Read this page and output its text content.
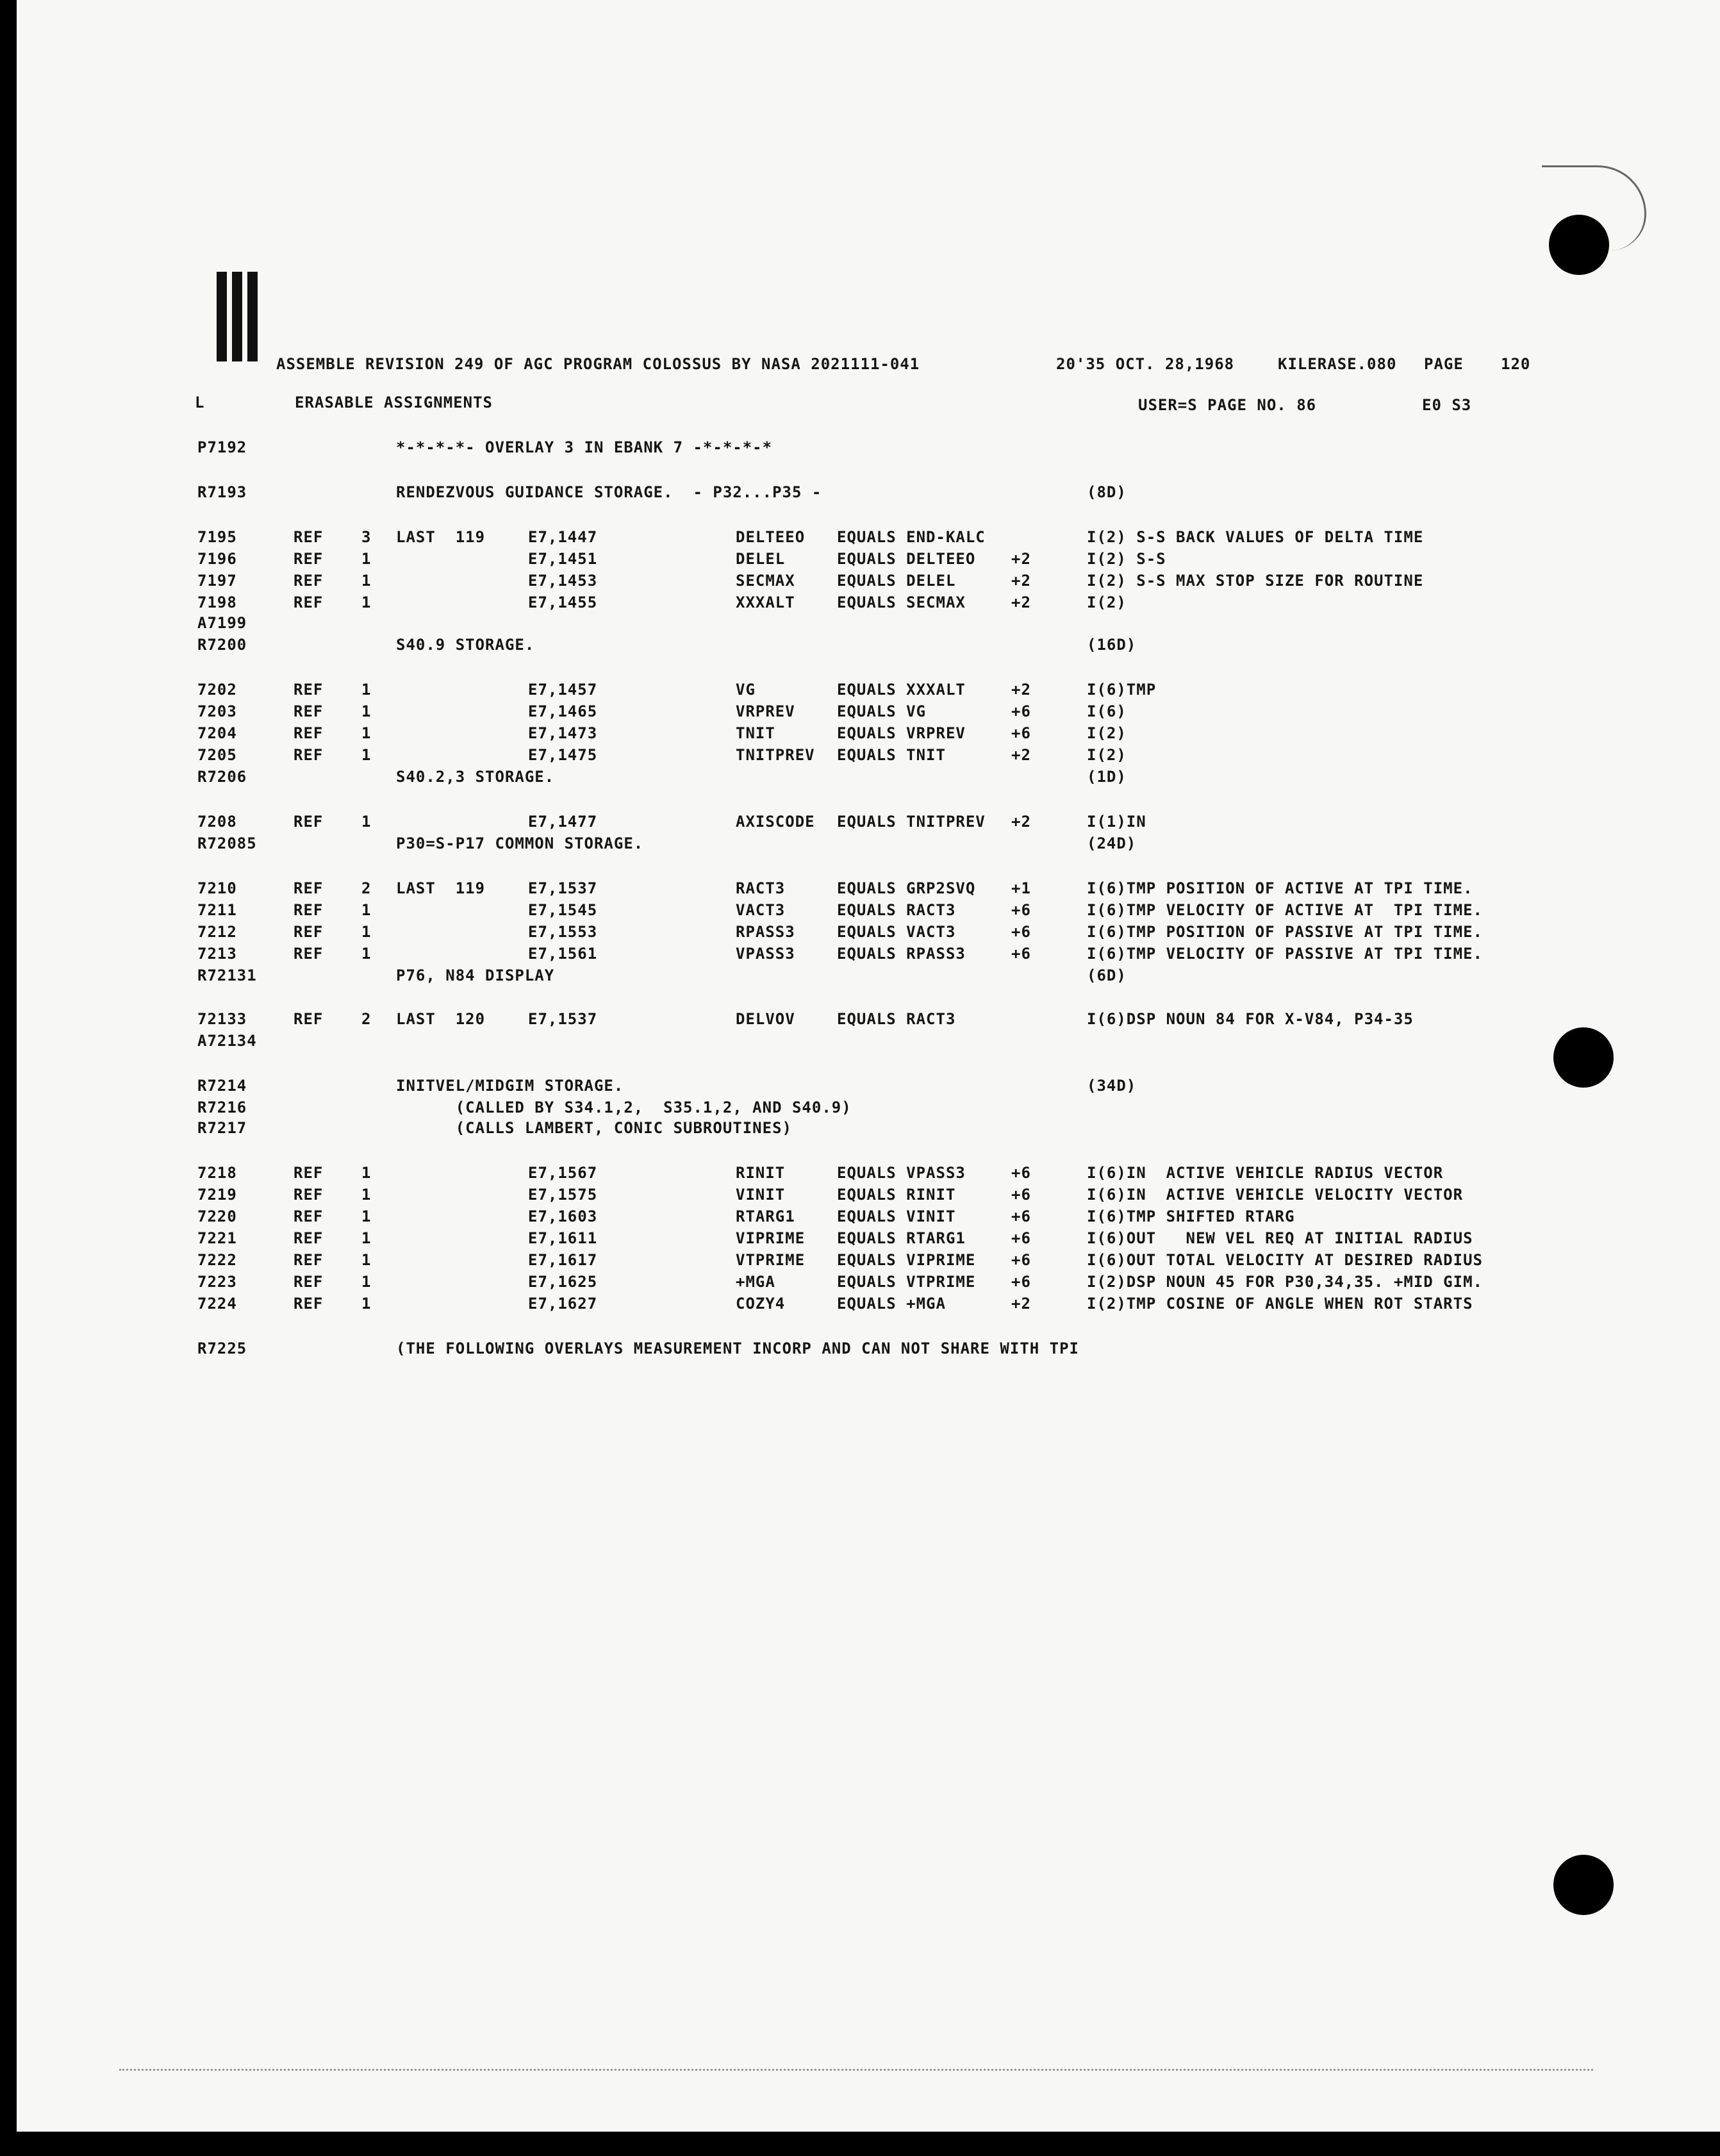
ASSEMBLE REVISION 249 OF AGC PROGRAM COLOSSUS BY NASA 2021111-041	20'35 OCT. 28,1968	KILERASE.080 PAGE 120
L	ERASABLE ASSIGNMENTS	USER=S PAGE NO. 86	E0 S3
P7192	*-*-*-*- OVERLAY 3 IN EBANK 7 -*-*-*-*
R7193	RENDEZVOUS GUIDANCE STORAGE.  - P32...P35 -	(8D)
7195	REF 3 LAST  119	E7,1447	DELTEEO EQUALS END-KALC	I(2) S-S BACK VALUES OF DELTA TIME
7196	REF 1	E7,1451	DELEL	EQUALS DELTEEO +2	I(2) S-S
7197	REF 1	E7,1453	SECMAX	EQUALS DELEL	+2	I(2) S-S MAX STOP SIZE FOR ROUTINE
7198	REF 1	E7,1455	XXXALT	EQUALS SECMAX	+2	I(2)
A7199
R7200	S40.9 STORAGE.	(16D)
7202	REF 1	E7,1457	VG	EQUALS XXXALT	+2	I(6)TMP
7203	REF 1	E7,1465	VRPREV	EQUALS VG	+6	I(6)
7204	REF 1	E7,1473	TNIT	EQUALS VRPREV	+6	I(2)
7205	REF 1	E7,1475	TNITPREV EQUALS TNIT	+2	I(2)
R7206	S40.2,3 STORAGE.	(1D)
7208	REF 1	E7,1477	AXISCODE EQUALS TNITPREV +2	I(1)IN
R72085	P30=S-P17 COMMON STORAGE.	(24D)
7210	REF 2 LAST  119	E7,1537	RACT3	EQUALS GRP2SVQ +1	I(6)TMP POSITION OF ACTIVE AT TPI TIME.
7211	REF 1	E7,1545	VACT3	EQUALS RACT3	+6	I(6)TMP VELOCITY OF ACTIVE AT  TPI TIME.
7212	REF 1	E7,1553	RPASS3	EQUALS VACT3	+6	I(6)TMP POSITION OF PASSIVE AT TPI TIME.
7213	REF 1	E7,1561	VPASS3	EQUALS RPASS3	+6	I(6)TMP VELOCITY OF PASSIVE AT TPI TIME.
R72131	P76, N84 DISPLAY	(6D)
72133	REF 2 LAST  120	E7,1537	DELVOV	EQUALS RACT3	I(6)DSP NOUN 84 FOR X-V84, P34-35
A72134
R7214	INITVEL/MIDGIM STORAGE.	(34D)
R7216	(CALLED BY S34.1,2,  S35.1,2, AND S40.9)
R7217	(CALLS LAMBERT, CONIC SUBROUTINES)
7218	REF 1	E7,1567	RINIT	EQUALS VPASS3	+6	I(6)IN  ACTIVE VEHICLE RADIUS VECTOR
7219	REF 1	E7,1575	VINIT	EQUALS RINIT	+6	I(6)IN  ACTIVE VEHICLE VELOCITY VECTOR
7220	REF 1	E7,1603	RTARG1	EQUALS VINIT	+6	I(6)TMP SHIFTED RTARG
7221	REF 1	E7,1611	VIPRIME EQUALS RTARG1	+6	I(6)OUT   NEW VEL REQ AT INITIAL RADIUS
7222	REF 1	E7,1617	VTPRIME EQUALS VIPRIME +6	I(6)OUT TOTAL VELOCITY AT DESIRED RADIUS
7223	REF 1	E7,1625	+MGA	EQUALS VTPRIME +6	I(2)DSP NOUN 45 FOR P30,34,35. +MID GIM.
7224	REF 1	E7,1627	COZY4	EQUALS +MGA	+2	I(2)TMP COSINE OF ANGLE WHEN ROT STARTS
R7225	(THE FOLLOWING OVERLAYS MEASUREMENT INCORP AND CAN NOT SHARE WITH TPI
